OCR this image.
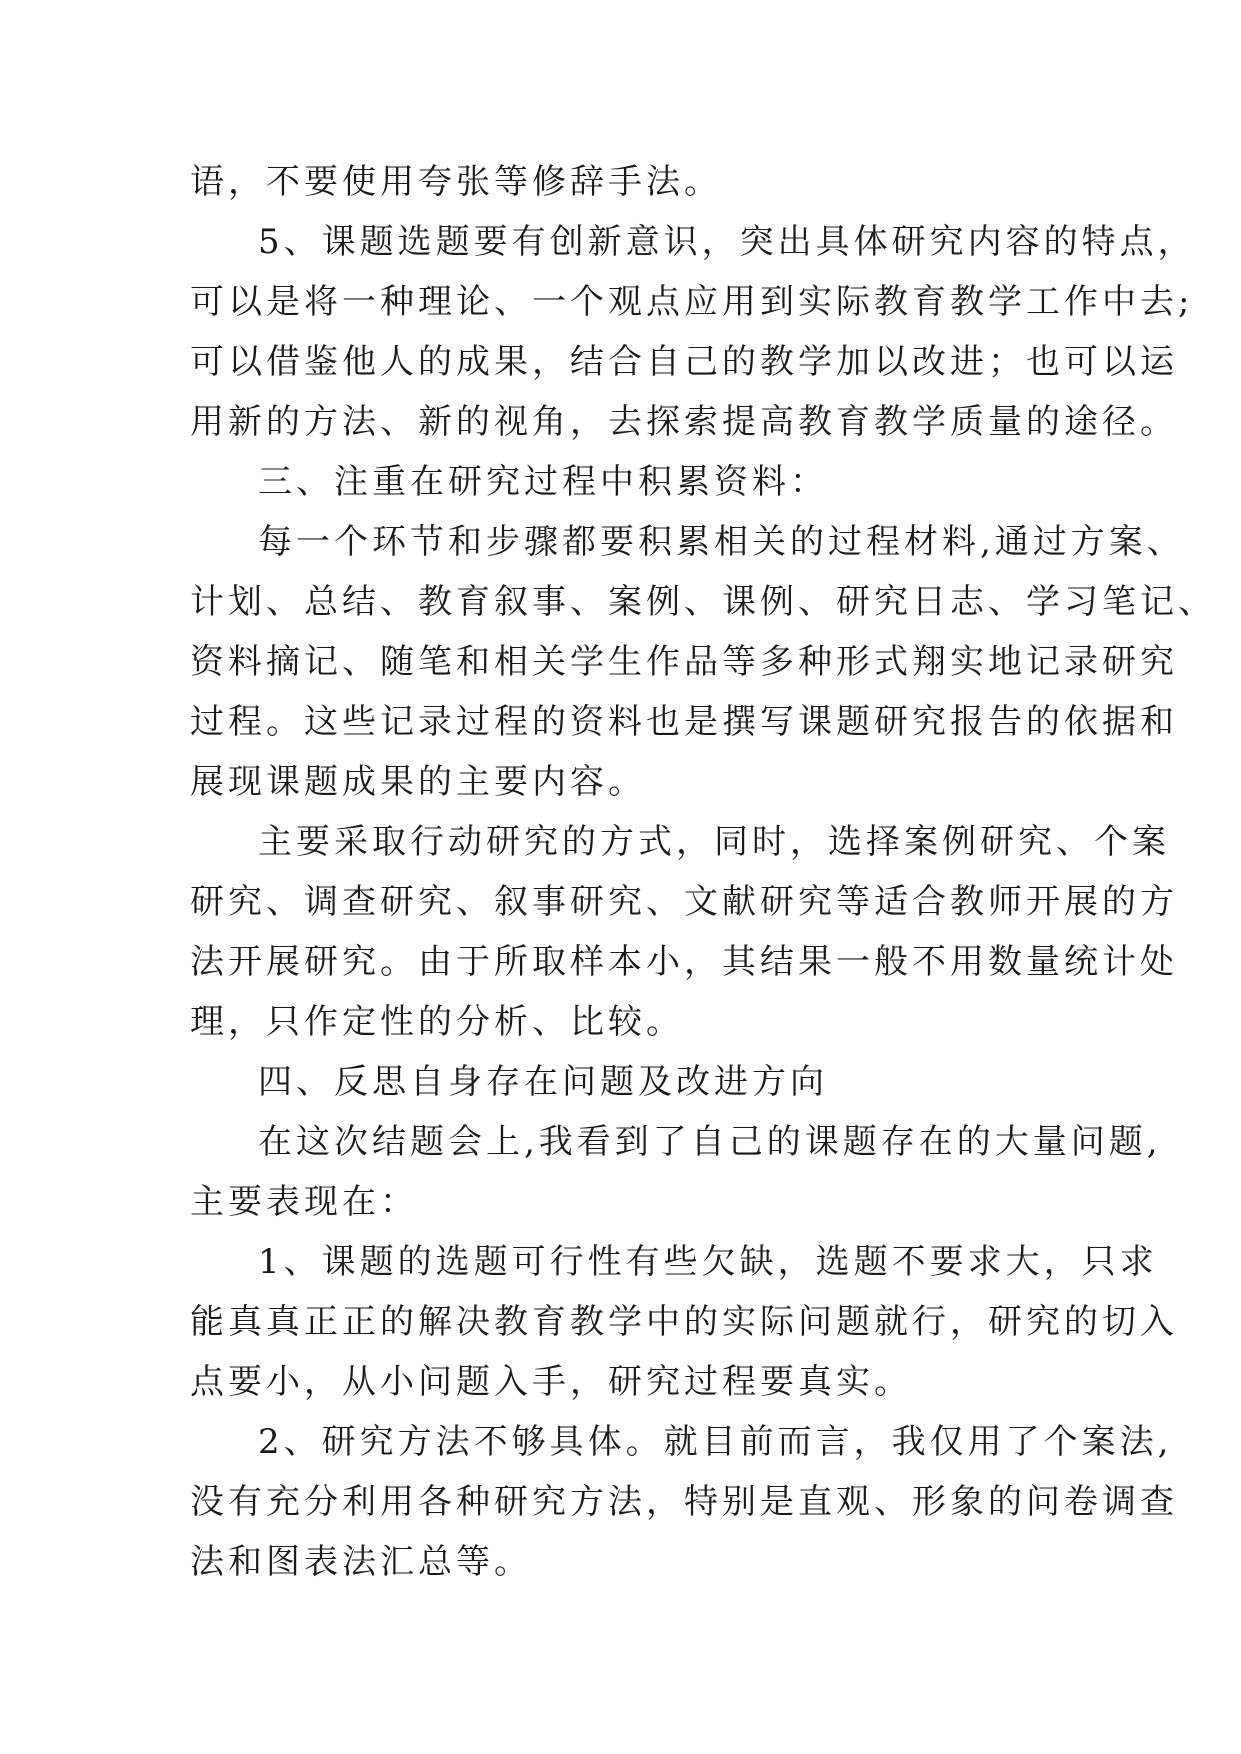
语，不要使用夸张等修辞手法。
5、课题选题要有创新意识，突出具体研究内容的特点，
可以是将一种理论、一个观点应用到实际教育教学工作中去;
可以借鉴他人的成果，结合自己的教学加以改进；也可以运
用新的方法、新的视角，去探索提高教育教学质量的途径。
三、注重在研究过程中积累资料：
每一个环节和步骤都要积累相关的过程材料,通过方案、
计划、总结、教育叙事、案例、课例、研究日志、学习笔记、
资料摘记、随笔和相关学生作品等多种形式翔实地记录研究
过程。这些记录过程的资料也是撰写课题研究报告的依据和
展现课题成果的主要内容。
主要采取行动研究的方式，同时，选择案例研究、个案
研究、调查研究、叙事研究、文献研究等适合教师开展的方
法开展研究。由于所取样本小，其结果一般不用数量统计处
理，只作定性的分析、比较。
四、反思自身存在问题及改进方向
在这次结题会上,我看到了自己的课题存在的大量问题,
主要表现在：
1、课题的选题可行性有些欠缺，选题不要求大，只求
能真真正正的解决教育教学中的实际问题就行，研究的切入
点要小，从小问题入手，研究过程要真实。
2、研究方法不够具体。就目前而言，我仅用了个案法,
没有充分利用各种研究方法，特别是直观、形象的问卷调查
法和图表法汇总等。
